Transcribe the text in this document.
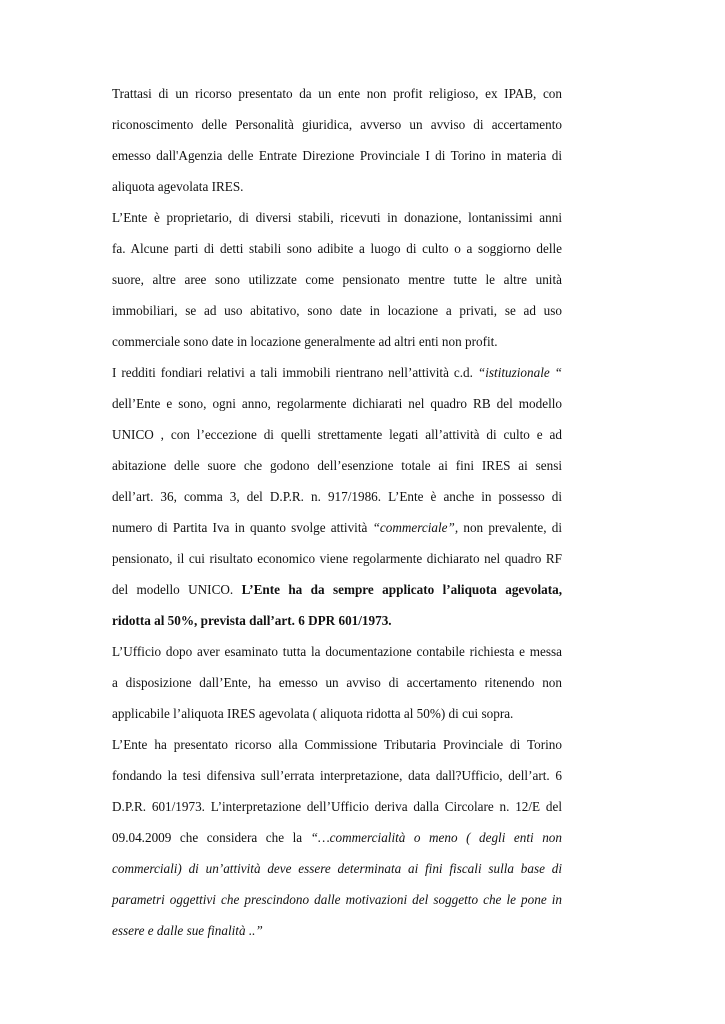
Trattasi di un ricorso presentato da un ente non profit religioso, ex IPAB, con
riconoscimento delle Personalità giuridica, avverso un avviso di accertamento
emesso dall'Agenzia delle Entrate Direzione Provinciale I di Torino in materia di
aliquota agevolata IRES.
L’Ente è proprietario, di diversi stabili, ricevuti in donazione, lontanissimi anni
fa. Alcune parti di detti stabili sono adibite a luogo di culto o a soggiorno delle
suore, altre aree sono utilizzate come pensionato mentre tutte le altre unità
immobiliari, se ad uso abitativo, sono date in locazione a privati, se ad uso
commerciale sono date in locazione generalmente ad altri enti non profit.
I redditi fondiari relativi a tali immobili rientrano nell’attività c.d. “istituzionale “
dell’Ente e sono, ogni anno, regolarmente dichiarati nel quadro RB del modello
UNICO , con l’eccezione di quelli strettamente legati all’attività di culto e ad
abitazione delle suore che godono dell’esenzione totale ai fini IRES ai sensi
dell’art. 36, comma 3, del D.P.R. n. 917/1986. L’Ente è anche in possesso di
numero di Partita Iva in quanto svolge attività “commerciale”, non prevalente, di
pensionato, il cui risultato economico viene regolarmente dichiarato nel quadro RF
del modello UNICO. L’Ente ha da sempre applicato l’aliquota agevolata,
ridotta al 50%, prevista dall’art. 6 DPR 601/1973.
L’Ufficio dopo aver esaminato tutta la documentazione contabile richiesta e messa
a disposizione dall’Ente, ha emesso un avviso di accertamento ritenendo non
applicabile l’aliquota IRES agevolata ( aliquota ridotta al 50%) di cui sopra.
L’Ente ha presentato ricorso alla Commissione Tributaria Provinciale di Torino
fondando la tesi difensiva sull’errata interpretazione, data dall?Ufficio, dell’art. 6
D.P.R. 601/1973. L’interpretazione dell’Ufficio deriva dalla Circolare n. 12/E del
09.04.2009 che considera che la “…commercialità o meno ( degli enti non
commerciali) di un’attività deve essere determinata ai fini fiscali sulla base di
parametri oggettivi che prescindono dalle motivazioni del soggetto che le pone in
essere e dalle sue finalità ..”
